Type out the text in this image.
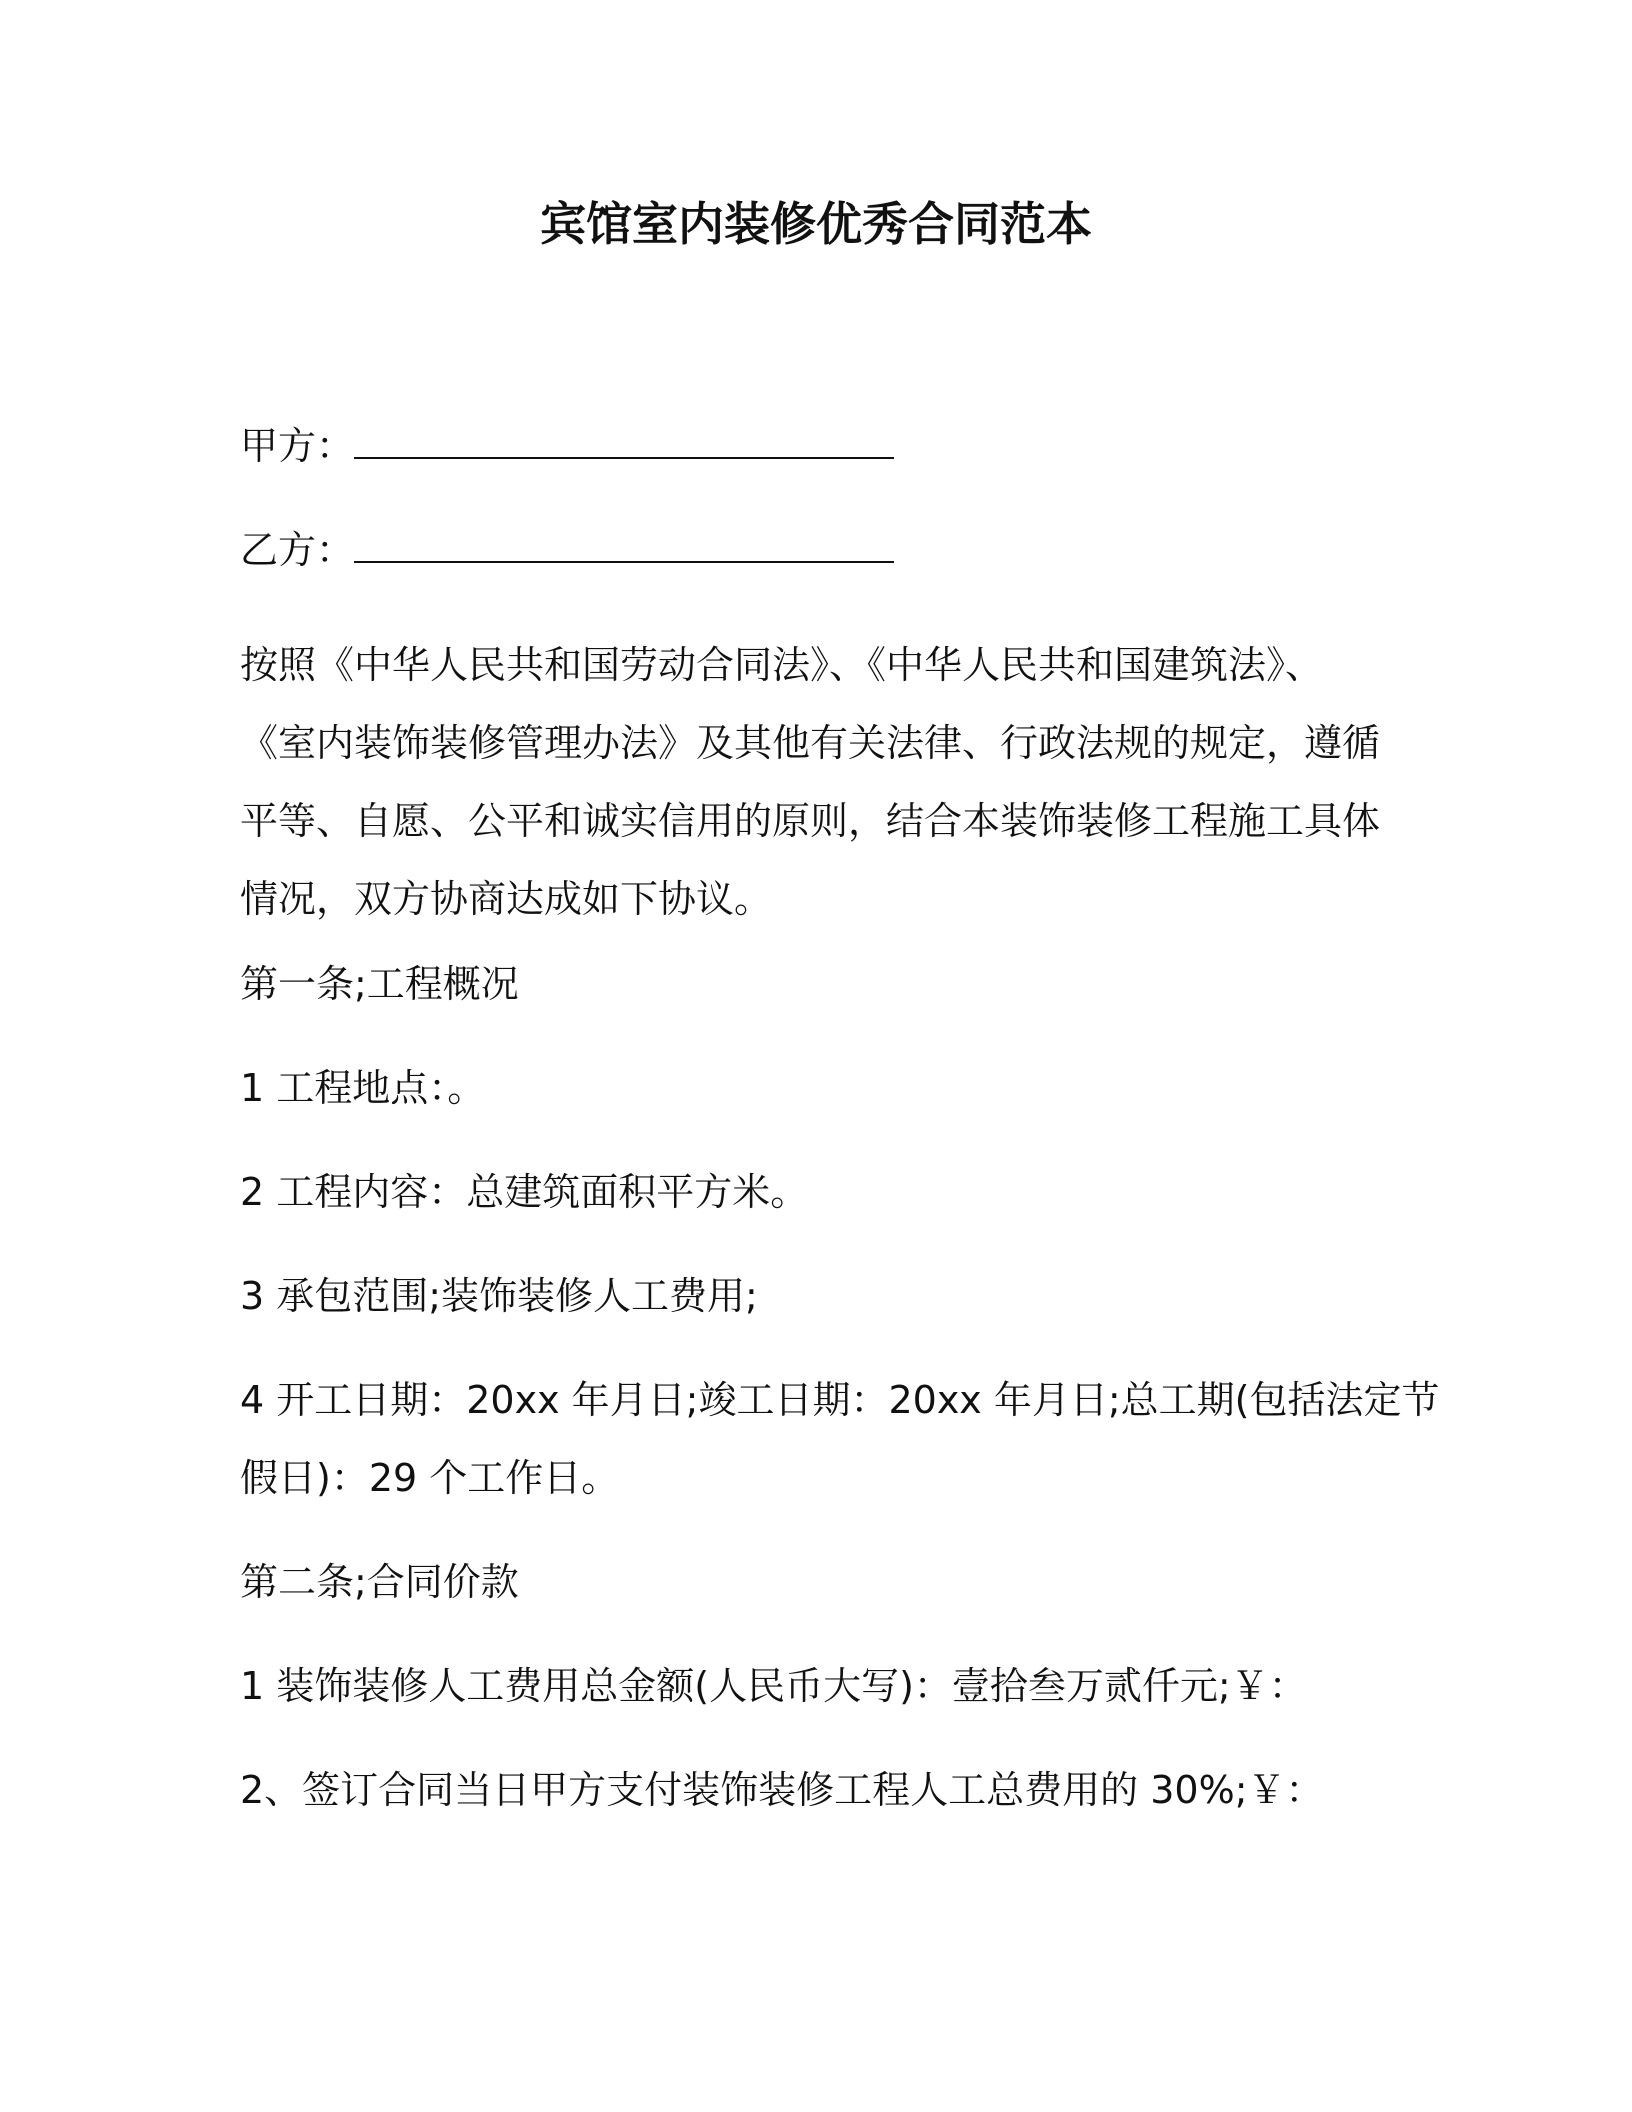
宾馆室内装修优秀合同范本
甲方：
乙方：
按照《中华人民共和国劳动合同法》、《中华人民共和国建筑法》、
《室内装饰装修管理办法》及其他有关法律、行政法规的规定，遵循
平等、自愿、公平和诚实信用的原则，结合本装饰装修工程施工具体
情况，双方协商达成如下协议。
第一条;工程概况
1 工程地点：。
2 工程内容：总建筑面积平方米。
3 承包范围;装饰装修人工费用;
4 开工日期：20xx 年月日;竣工日期：20xx 年月日;总工期(包括法定节
假日)：29 个工作日。
第二条;合同价款
1 装饰装修人工费用总金额(人民币大写)：壹拾叁万贰仟元;￥：
2、签订合同当日甲方支付装饰装修工程人工总费用的 30%;￥：
